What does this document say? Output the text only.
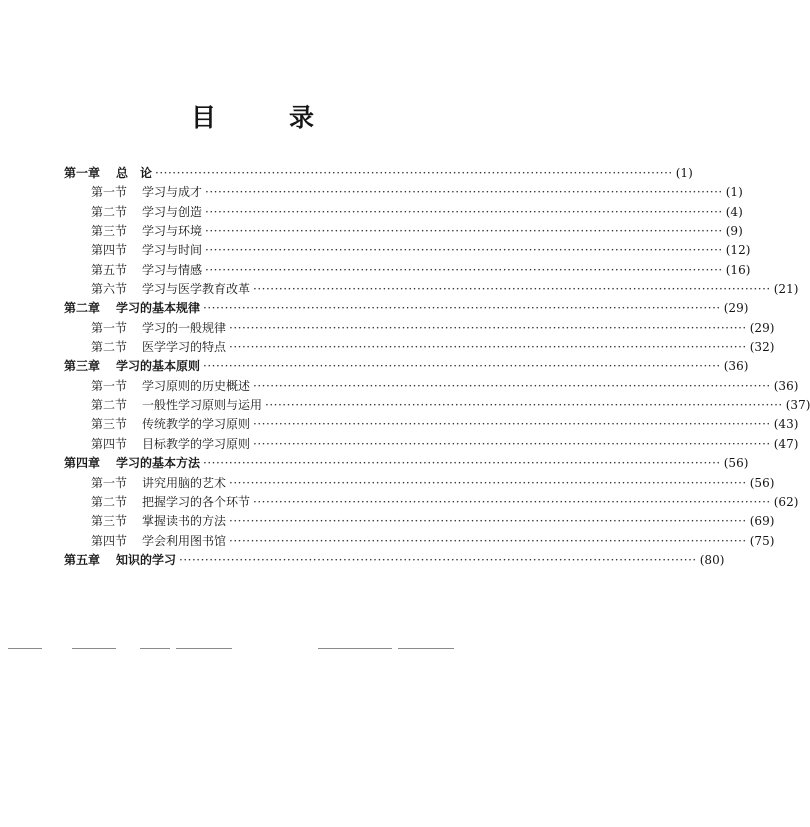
目　录
第一章	总　论 ························································································································ (1)
第一节	学习与成才 ························································································································ (1)
第二节	学习与创造 ························································································································ (4)
第三节	学习与环境 ························································································································ (9)
第四节	学习与时间 ························································································································ (12)
第五节	学习与情感 ························································································································ (16)
第六节	学习与医学教育改革 ························································································································ (21)
第二章	学习的基本规律 ························································································································ (29)
第一节	学习的一般规律 ························································································································ (29)
第二节	医学学习的特点 ························································································································ (32)
第三章	学习的基本原则 ························································································································ (36)
第一节	学习原则的历史概述 ························································································································ (36)
第二节	一般性学习原则与运用 ························································································································ (37)
第三节	传统教学的学习原则 ························································································································ (43)
第四节	目标教学的学习原则 ························································································································ (47)
第四章	学习的基本方法 ························································································································ (56)
第一节	讲究用脑的艺术 ························································································································ (56)
第二节	把握学习的各个环节 ························································································································ (62)
第三节	掌握读书的方法 ························································································································ (69)
第四节	学会利用图书馆 ························································································································ (75)
第五章	知识的学习 ························································································································ (80)
